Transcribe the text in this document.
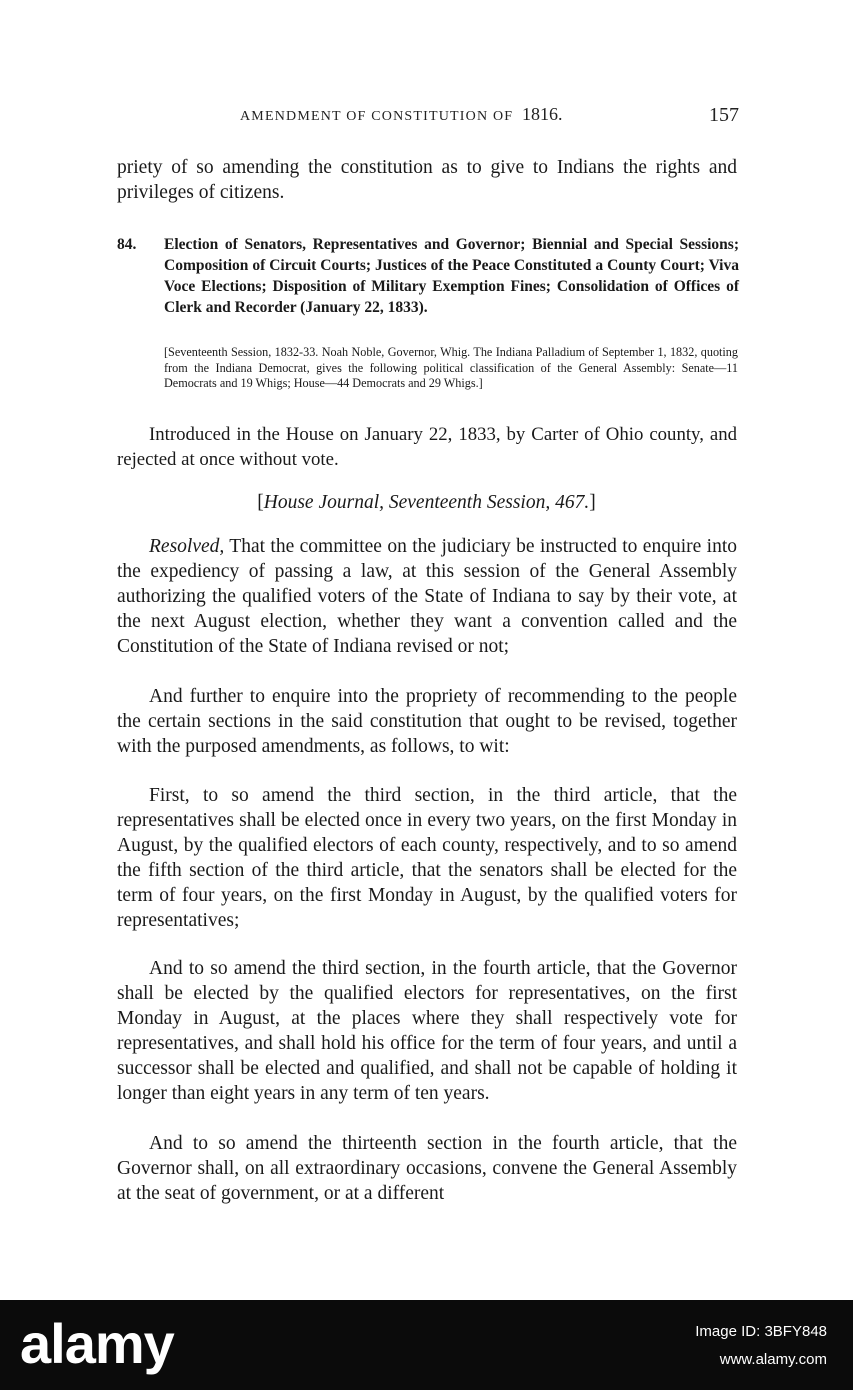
AMENDMENT OF CONSTITUTION OF 1816.	157

priety of so amending the constitution as to give to Indians the rights and privileges of citizens.

84. Election of Senators, Representatives and Governor; Biennial and Special Sessions; Composition of Circuit Courts; Justices of the Peace Constituted a County Court; Viva Voce Elections; Disposition of Military Exemption Fines; Consolidation of Offices of Clerk and Recorder (January 22, 1833).
[Seventeenth Session, 1832-33. Noah Noble, Governor, Whig. The Indiana Palladium of September 1, 1832, quoting from the Indiana Democrat, gives the following political classification of the General Assembly: Senate—11 Democrats and 19 Whigs; House—44 Democrats and 29 Whigs.]

Introduced in the House on January 22, 1833, by Carter of Ohio county, and rejected at once without vote.

[House Journal, Seventeenth Session, 467.]

Resolved, That the committee on the judiciary be instructed to enquire into the expediency of passing a law, at this session of the General Assembly authorizing the qualified voters of the State of Indiana to say by their vote, at the next August election, whether they want a convention called and the Constitution of the State of Indiana revised or not;

And further to enquire into the propriety of recommending to the people the certain sections in the said constitution that ought to be revised, together with the purposed amendments, as follows, to wit:

First, to so amend the third section, in the third article, that the representatives shall be elected once in every two years, on the first Monday in August, by the qualified electors of each county, respectively, and to so amend the fifth section of the third article, that the senators shall be elected for the term of four years, on the first Monday in August, by the qualified voters for representatives;

And to so amend the third section, in the fourth article, that the Governor shall be elected by the qualified electors for representatives, on the first Monday in August, at the places where they shall respectively vote for representatives, and shall hold his office for the term of four years, and until a successor shall be elected and qualified, and shall not be capable of holding it longer than eight years in any term of ten years.

And to so amend the thirteenth section in the fourth article, that the Governor shall, on all extraordinary occasions, convene the General Assembly at the seat of government, or at a different

alamy	Image ID: 3BFY848
www.alamy.com
